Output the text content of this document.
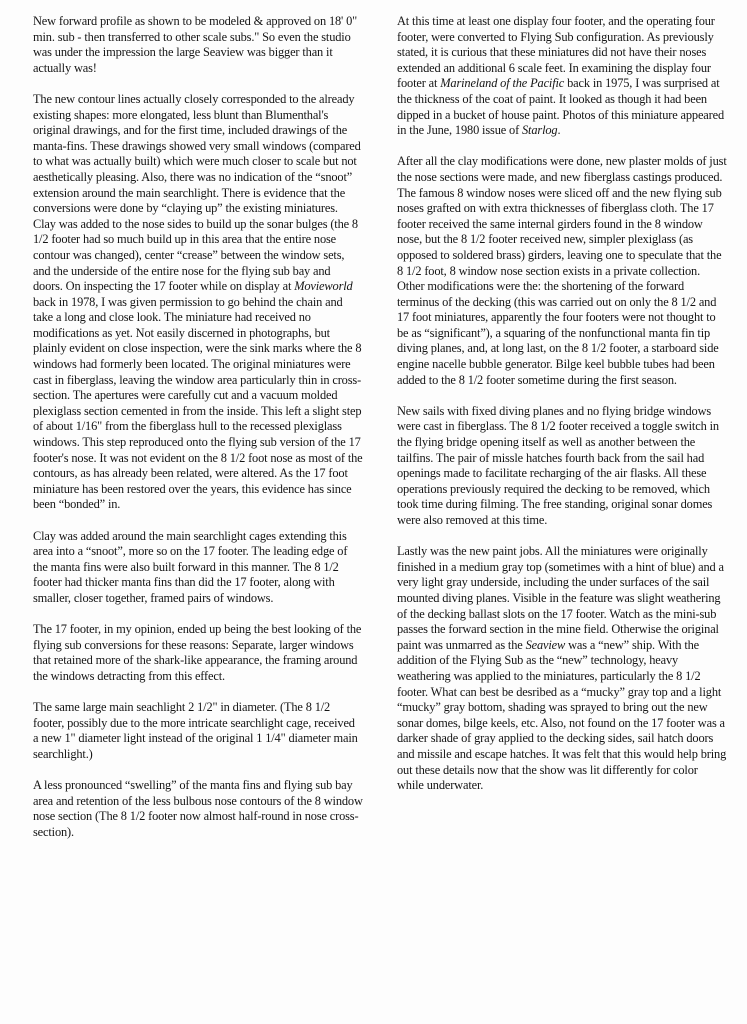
New forward profile as shown to be modeled & approved on 18' 0" min. sub - then transferred to other scale subs." So even the studio was under the impression the large Seaview was bigger than it actually was!

The new contour lines actually closely corresponded to the already existing shapes: more elongated, less blunt than Blumenthal's original drawings, and for the first time, included drawings of the manta-fins. These drawings showed very small windows (compared to what was actually built) which were much closer to scale but not aesthetically pleasing. Also, there was no indication of the “snoot” extension around the main searchlight. There is evidence that the conversions were done by “claying up” the existing miniatures. Clay was added to the nose sides to build up the sonar bulges (the 8 1/2 footer had so much build up in this area that the entire nose contour was changed), center “crease” between the window sets, and the underside of the entire nose for the flying sub bay and doors. On inspecting the 17 footer while on display at Movieworld back in 1978, I was given permission to go behind the chain and take a long and close look. The miniature had received no modifications as yet. Not easily discerned in photographs, but plainly evident on close inspection, were the sink marks where the 8 windows had formerly been located. The original miniatures were cast in fiberglass, leaving the window area particularly thin in cross-section. The apertures were carefully cut and a vacuum molded plexiglass section cemented in from the inside. This left a slight step of about 1/16" from the fiberglass hull to the recessed plexiglass windows. This step reproduced onto the flying sub version of the 17 footer's nose. It was not evident on the 8 1/2 foot nose as most of the contours, as has already been related, were altered. As the 17 foot miniature has been restored over the years, this evidence has since been “bonded” in.

Clay was added around the main searchlight cages extending this area into a “snoot”, more so on the 17 footer. The leading edge of the manta fins were also built forward in this manner. The 8 1/2 footer had thicker manta fins than did the 17 footer, along with smaller, closer together, framed pairs of windows.

The 17 footer, in my opinion, ended up being the best looking of the flying sub conversions for these reasons: Separate, larger windows that retained more of the shark-like appearance, the framing around the windows detracting from this effect.

The same large main seachlight 2 1/2" in diameter. (The 8 1/2 footer, possibly due to the more intricate searchlight cage, received a new 1" diameter light instead of the original 1 1/4" diameter main searchlight.)

A less pronounced “swelling” of the manta fins and flying sub bay area and retention of the less bulbous nose contours of the 8 window nose section (The 8 1/2 footer now almost half-round in nose cross-section).

At this time at least one display four footer, and the operating four footer, were converted to Flying Sub configuration. As previously stated, it is curious that these miniatures did not have their noses extended an additional 6 scale feet. In examining the display four footer at Marineland of the Pacific back in 1975, I was surprised at the thickness of the coat of paint. It looked as though it had been dipped in a bucket of house paint. Photos of this miniature appeared in the June, 1980 issue of Starlog.

After all the clay modifications were done, new plaster molds of just the nose sections were made, and new fiberglass castings produced. The famous 8 window noses were sliced off and the new flying sub noses grafted on with extra thicknesses of fiberglass cloth. The 17 footer received the same internal girders found in the 8 window nose, but the 8 1/2 footer received new, simpler plexiglass (as opposed to soldered brass) girders, leaving one to speculate that the 8 1/2 foot, 8 window nose section exists in a private collection. Other modifications were the: the shortening of the forward terminus of the decking (this was carried out on only the 8 1/2 and 17 foot miniatures, apparently the four footers were not thought to be as “significant”), a squaring of the nonfunctional manta fin tip diving planes, and, at long last, on the 8 1/2 footer, a starboard side engine nacelle bubble generator. Bilge keel bubble tubes had been added to the 8 1/2 footer sometime during the first season.

New sails with fixed diving planes and no flying bridge windows were cast in fiberglass. The 8 1/2 footer received a toggle switch in the flying bridge opening itself as well as another between the tailfins. The pair of missle hatches fourth back from the sail had openings made to facilitate recharging of the air flasks. All these operations previously required the decking to be removed, which took time during filming. The free standing, original sonar domes were also removed at this time.

Lastly was the new paint jobs. All the miniatures were originally finished in a medium gray top (sometimes with a hint of blue) and a very light gray underside, including the under surfaces of the sail mounted diving planes. Visible in the feature was slight weathering of the decking ballast slots on the 17 footer. Watch as the mini-sub passes the forward section in the mine field. Otherwise the original paint was unmarred as the Seaview was a “new” ship. With the addition of the Flying Sub as the “new” technology, heavy weathering was applied to the miniatures, particularly the 8 1/2 footer. What can best be desribed as a “mucky” gray top and a light “mucky” gray bottom, shading was sprayed to bring out the new sonar domes, bilge keels, etc. Also, not found on the 17 footer was a darker shade of gray applied to the decking sides, sail hatch doors and missile and escape hatches. It was felt that this would help bring out these details now that the show was lit differently for color while underwater.
